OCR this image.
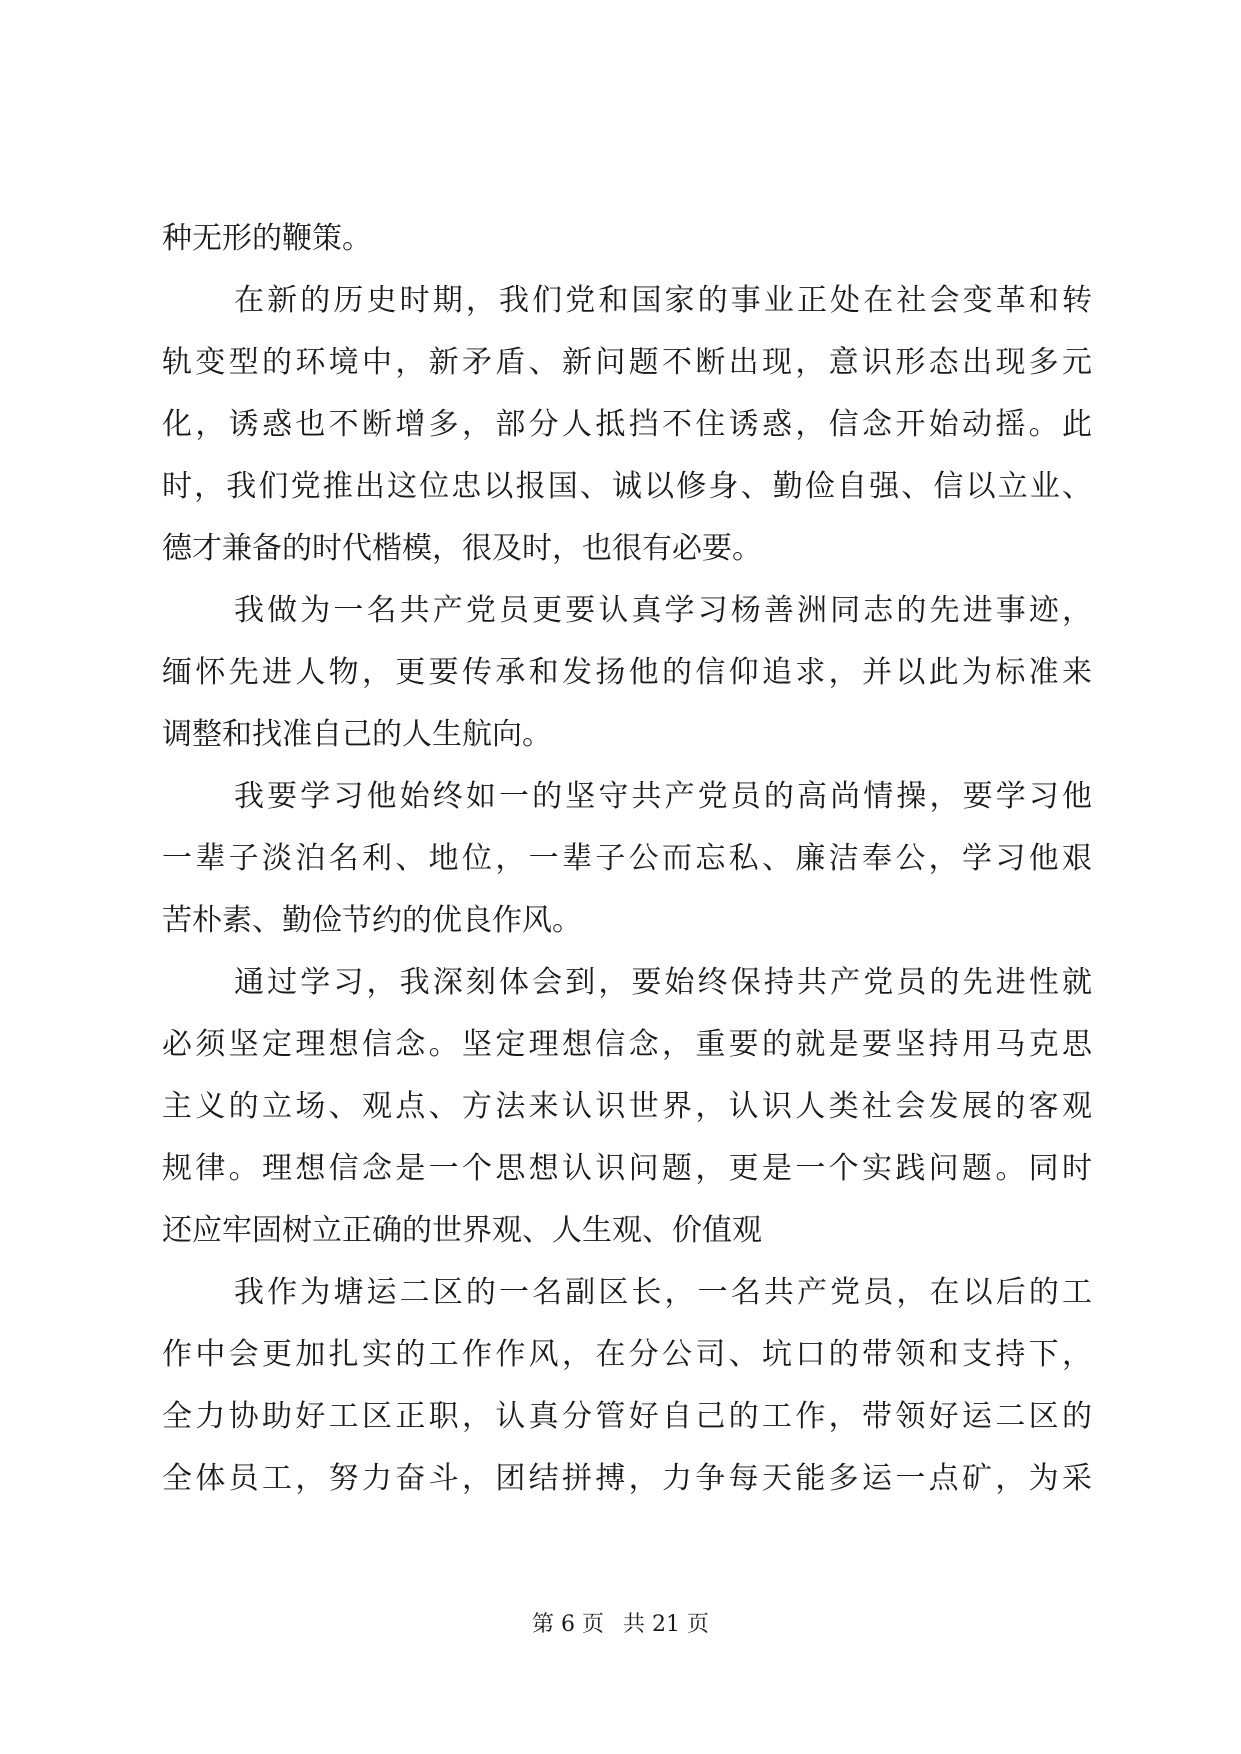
种无形的鞭策。
在新的历史时期，我们党和国家的事业正处在社会变革和转
轨变型的环境中，新矛盾、新问题不断出现，意识形态出现多元
化，诱惑也不断增多，部分人抵挡不住诱惑，信念开始动摇。此
时，我们党推出这位忠以报国、诚以修身、勤俭自强、信以立业、
德才兼备的时代楷模，很及时，也很有必要。
我做为一名共产党员更要认真学习杨善洲同志的先进事迹，
缅怀先进人物，更要传承和发扬他的信仰追求，并以此为标准来
调整和找准自己的人生航向。
我要学习他始终如一的坚守共产党员的高尚情操，要学习他
一辈子淡泊名利、地位，一辈子公而忘私、廉洁奉公，学习他艰
苦朴素、勤俭节约的优良作风。
通过学习，我深刻体会到，要始终保持共产党员的先进性就
必须坚定理想信念。坚定理想信念，重要的就是要坚持用马克思
主义的立场、观点、方法来认识世界，认识人类社会发展的客观
规律。理想信念是一个思想认识问题，更是一个实践问题。同时
还应牢固树立正确的世界观、人生观、价值观
我作为塘运二区的一名副区长，一名共产党员，在以后的工
作中会更加扎实的工作作风，在分公司、坑口的带领和支持下，
全力协助好工区正职，认真分管好自己的工作，带领好运二区的
全体员工，努力奋斗，团结拼搏，力争每天能多运一点矿，为采
第 6 页 共 21 页
